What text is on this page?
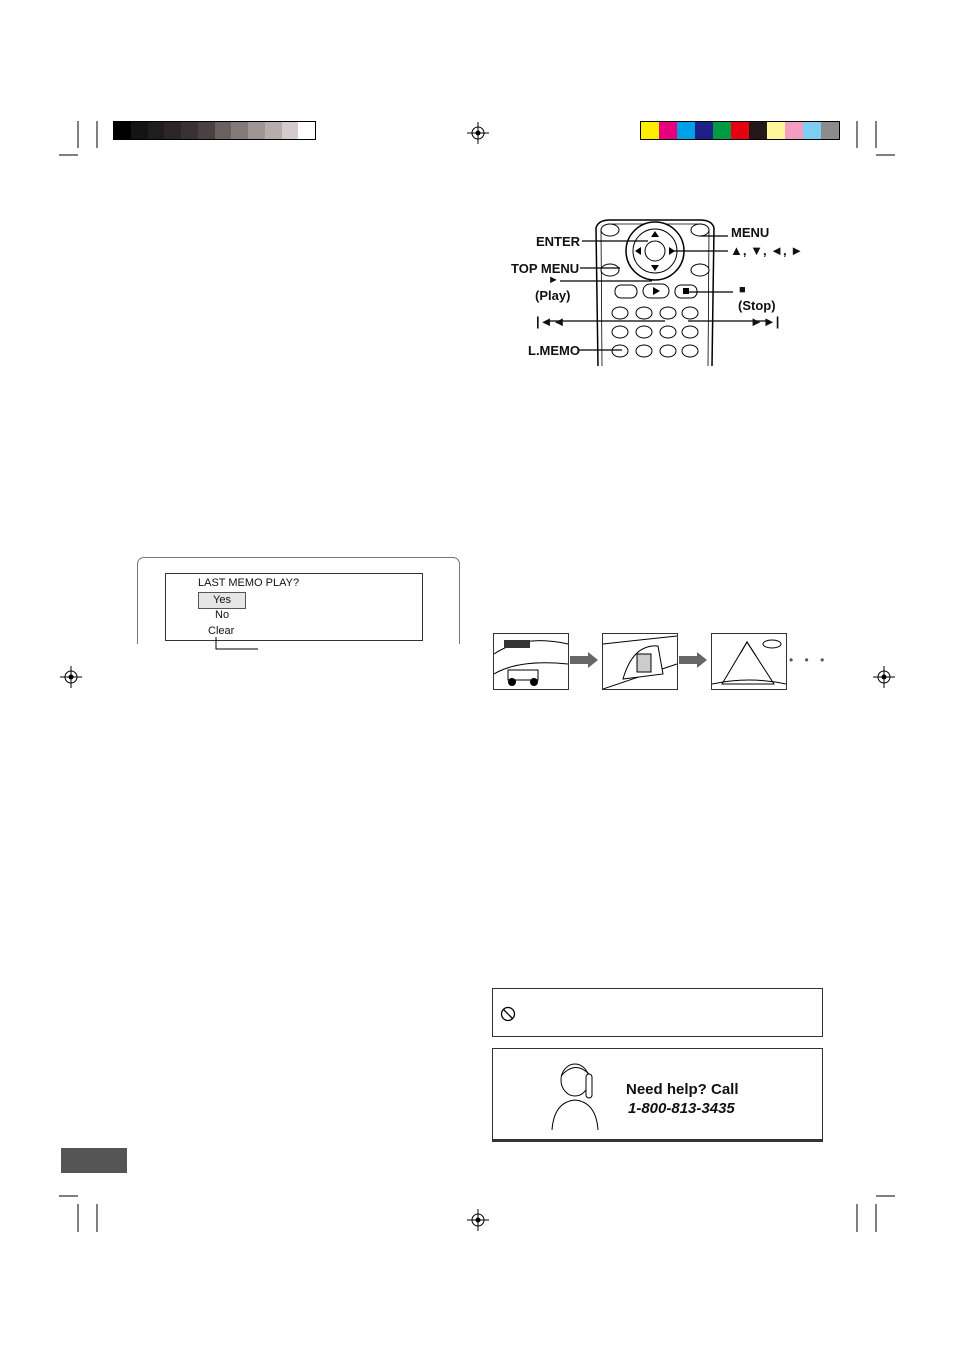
ENTER
TOP MENU
►
(Play)
MENU
▲, ▼, ◄, ►
■
(Stop)
|◄◄	►►|
L.MEMO
LAST MEMO PLAY?
Yes
No
Clear
• • •
Need help? Call
1-800-813-3435
